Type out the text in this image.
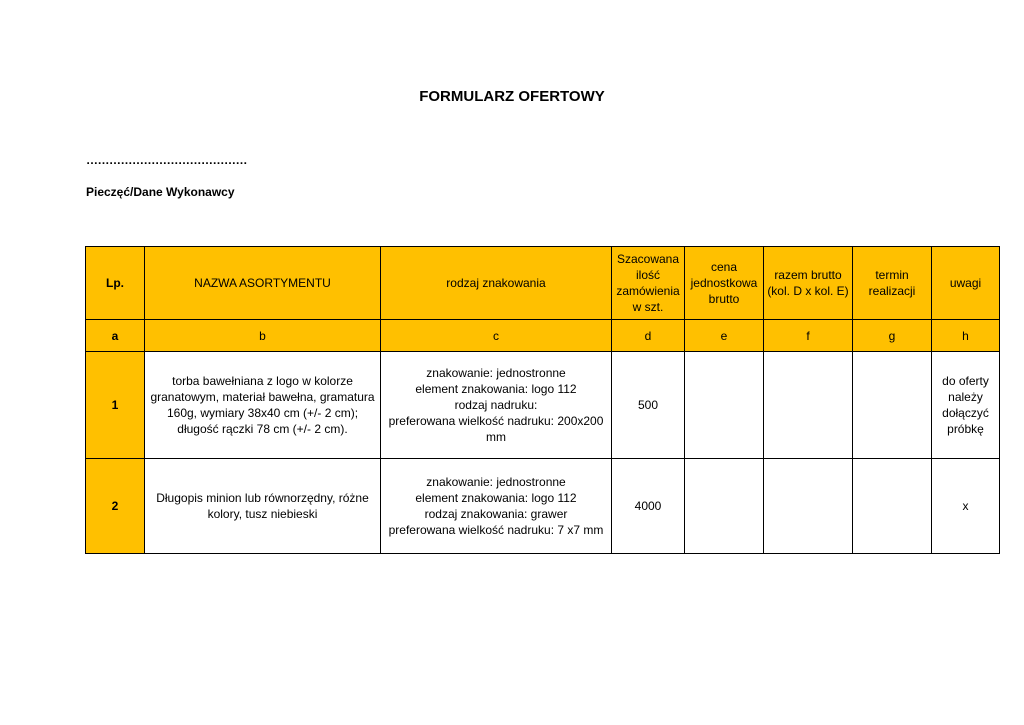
FORMULARZ OFERTOWY
……………………………………
Pieczęć/Dane Wykonawcy
Lp.	NAZWA ASORTYMENTU	rodzaj znakowania	Szacowana ilość zamówienia w szt.	cena jednostkowa brutto	razem brutto (kol. D x kol. E)	termin realizacji	uwagi
a	b	c	d	e	f	g	h
1	torba bawełniana z logo w kolorze granatowym, materiał bawełna, gramatura 160g, wymiary 38x40 cm (+/- 2 cm); długość rączki 78 cm (+/- 2 cm).	znakowanie: jednostronne
element znakowania: logo 112
rodzaj nadruku:
preferowana wielkość nadruku: 200x200 mm	500				do oferty należy dołączyć próbkę
2	Długopis minion lub równorzędny, różne kolory, tusz niebieski	znakowanie: jednostronne
element znakowania: logo 112
rodzaj znakowania: grawer
preferowana wielkość nadruku: 7 x7 mm	4000				x
